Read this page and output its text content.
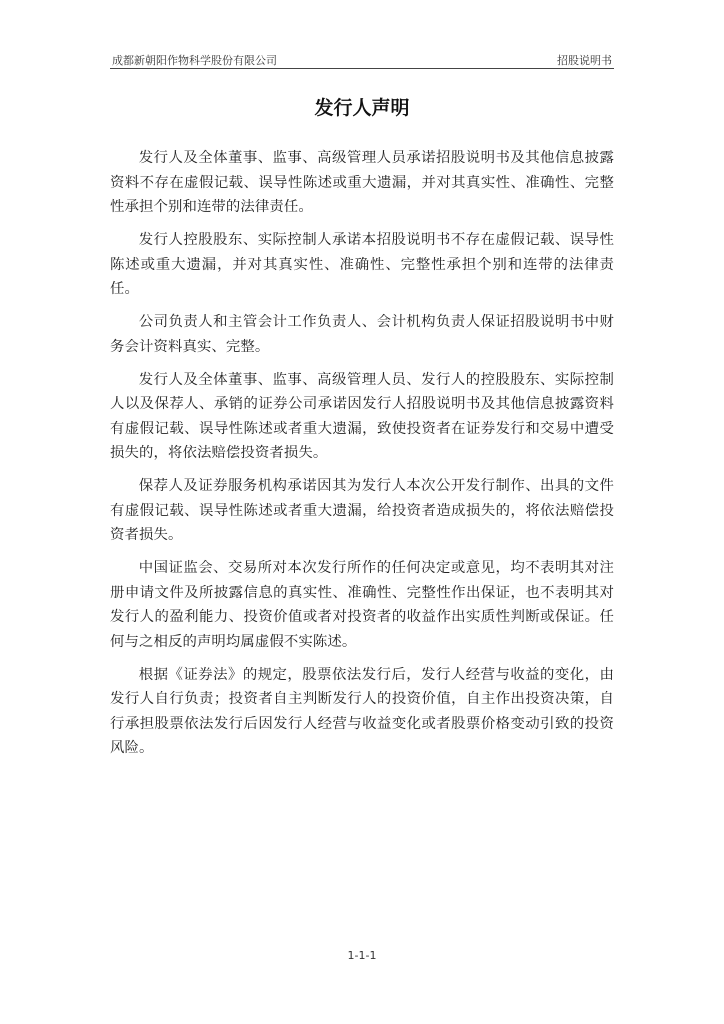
成都新朝阳作物科学股份有限公司	招股说明书
发行人声明

发行人及全体董事、监事、高级管理人员承诺招股说明书及其他信息披露资料不存在虚假记载、误导性陈述或重大遗漏，并对其真实性、准确性、完整性承担个别和连带的法律责任。

发行人控股股东、实际控制人承诺本招股说明书不存在虚假记载、误导性陈述或重大遗漏，并对其真实性、准确性、完整性承担个别和连带的法律责任。

公司负责人和主管会计工作负责人、会计机构负责人保证招股说明书中财务会计资料真实、完整。

发行人及全体董事、监事、高级管理人员、发行人的控股股东、实际控制人以及保荐人、承销的证券公司承诺因发行人招股说明书及其他信息披露资料有虚假记载、误导性陈述或者重大遗漏，致使投资者在证券发行和交易中遭受损失的，将依法赔偿投资者损失。

保荐人及证券服务机构承诺因其为发行人本次公开发行制作、出具的文件有虚假记载、误导性陈述或者重大遗漏，给投资者造成损失的，将依法赔偿投资者损失。

中国证监会、交易所对本次发行所作的任何决定或意见，均不表明其对注册申请文件及所披露信息的真实性、准确性、完整性作出保证，也不表明其对发行人的盈利能力、投资价值或者对投资者的收益作出实质性判断或保证。任何与之相反的声明均属虚假不实陈述。

根据《证券法》的规定，股票依法发行后，发行人经营与收益的变化，由发行人自行负责；投资者自主判断发行人的投资价值，自主作出投资决策，自行承担股票依法发行后因发行人经营与收益变化或者股票价格变动引致的投资风险。

1-1-1
